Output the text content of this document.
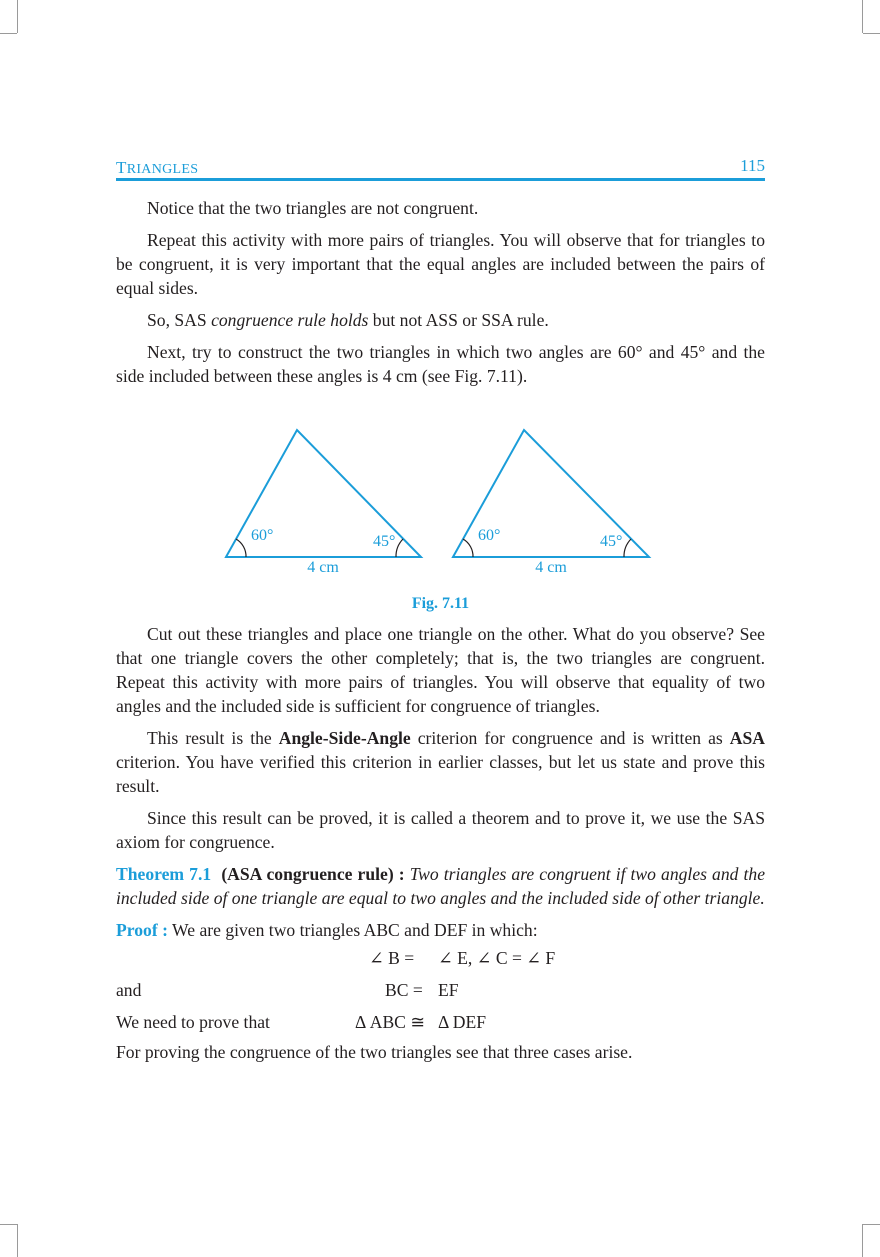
TRIANGLES	115

Notice that the two triangles are not congruent.

Repeat this activity with more pairs of triangles. You will observe that for triangles to be congruent, it is very important that the equal angles are included between the pairs of equal sides.

So, SAS congruence rule holds but not ASS or SSA rule.

Next, try to construct the two triangles in which two angles are 60° and 45° and the side included between these angles is 4 cm (see Fig. 7.11).

60°	45°
4 cm
60°	45°
4 cm
Fig. 7.11

Cut out these triangles and place one triangle on the other. What do you observe? See that one triangle covers the other completely; that is, the two triangles are congruent. Repeat this activity with more pairs of triangles. You will observe that equality of two angles and the included side is sufficient for congruence of triangles.

This result is the Angle-Side-Angle criterion for congruence and is written as ASA criterion. You have verified this criterion in earlier classes, but let us state and prove this result.

Since this result can be proved, it is called a theorem and to prove it, we use the SAS axiom for congruence.

Theorem 7.1 (ASA congruence rule) : Two triangles are congruent if two angles and the included side of one triangle are equal to two angles and the included side of other triangle.

Proof : We are given two triangles ABC and DEF in which:

∠ B = ∠ E, ∠ C = ∠ F
and	BC = EF
We need to prove that	Δ ABC ≅ Δ DEF

For proving the congruence of the two triangles see that three cases arise.
